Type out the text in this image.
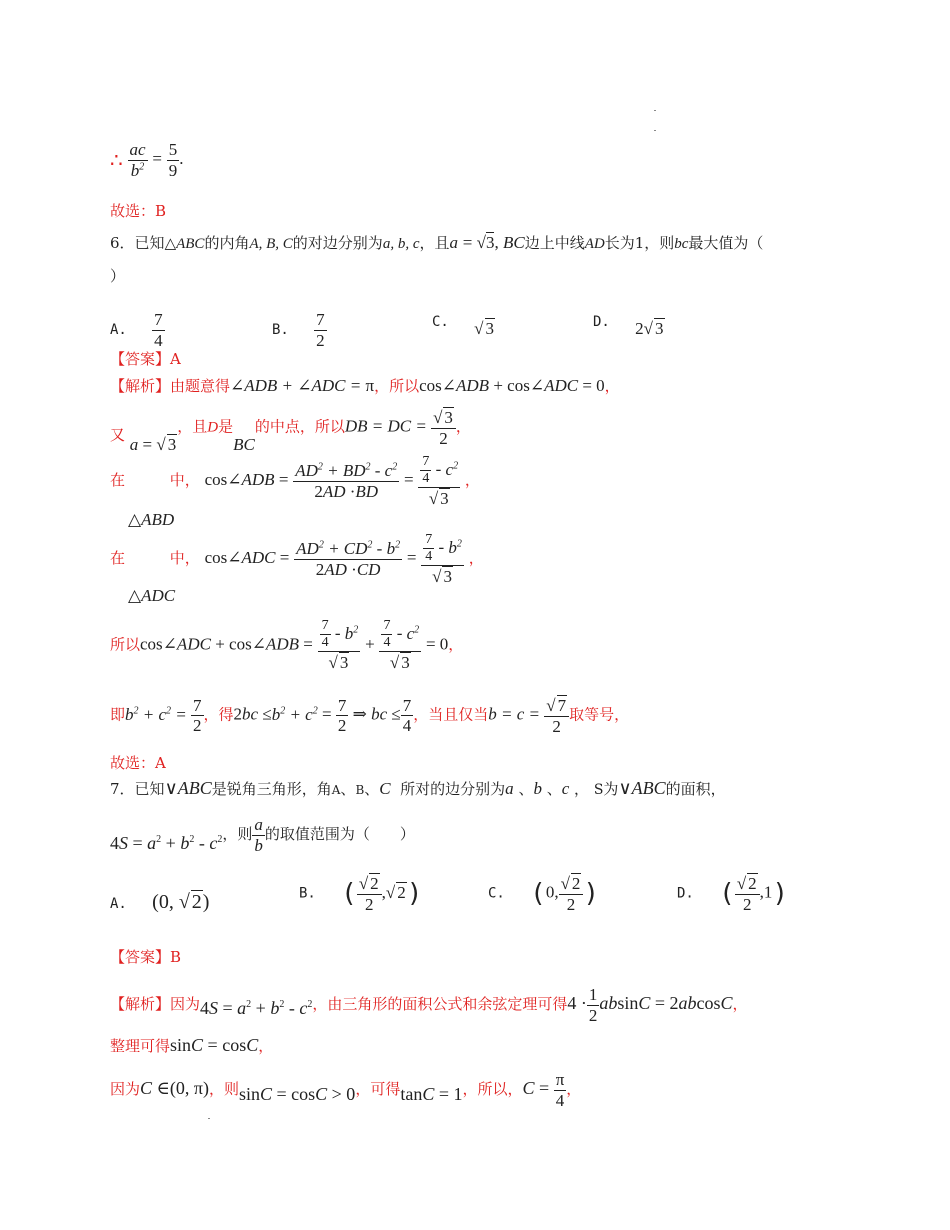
∴ $\frac{ac}{b^2} = \frac{5}{9}$ .
故选：B
6．已知△ABC的内角A, B, C的对边分别为a, b, c，且a = √3, BC边上中线AD长为1，则bc最大值为（
）
A. $\frac{7}{4}$	B. $\frac{7}{2}$	C.   √ 3	D.   2√ 3
【答案】A
【解析】由题意得∠ADB + ∠ADC = π，所以cos∠ADB + cos∠ADC = 0，
又 a = √ 3，且D是BC的中点，所以DB = DC = $\frac{√ 3}{2}$ ，
在	中， cos∠ADB = $\frac{AD^2 + BD^2 - c^2}{2AD \cdot BD} = \frac{\frac{7}{4} - c^2}{√ 3}$ ，
△ABD
在	中， cos∠ADC = $\frac{AD^2 + CD^2 - b^2}{2AD \cdot CD} = \frac{\frac{7}{4} - b^2}{√ 3}$ ，
△ADC
所以cos∠ADC + cos∠ADB = $\frac{\frac{7}{4} - b^2}{√ 3} + \frac{\frac{7}{4} - c^2}{√ 3} = 0$，
即$b^2 + c^2 = \frac{7}{2}$ ，得$2bc \le b^2 + c^2 = \frac{7}{2}$ ⇒ bc ≤ $\frac{7}{4}$ ，当且仅当$b = c = \frac{√ 7}{2}$ 取等号，
故选：A
7．已知∨ABC是锐角三角形，角A、B、C  所对的边分别为a 、b 、c ， S为∨ABC的面积，
$4S = a^2 + b^2 - c^2$，则 $\frac{a}{b}$ 的取值范围为（　　）
A.   (0, √ 2)	B.   ( $\frac{√ 2}{2}$ ,√ 2)	C.   (0, $\frac{√ 2}{2}$ )	D.   ( $\frac{√ 2}{2} ,1$)
【答案】B
【解析】因为$4S = a^2 + b^2 - c^2$，由三角形的面积公式和余弦定理可得$4 \cdot \frac{1}{2}$ absinC = 2abcosC，
整理可得sinC = cosC，
因为C ∈(0, π)，则sinC = cosC > 0，可得tanC = 1，所以，$C = \frac{\pi}{4}$ ，
